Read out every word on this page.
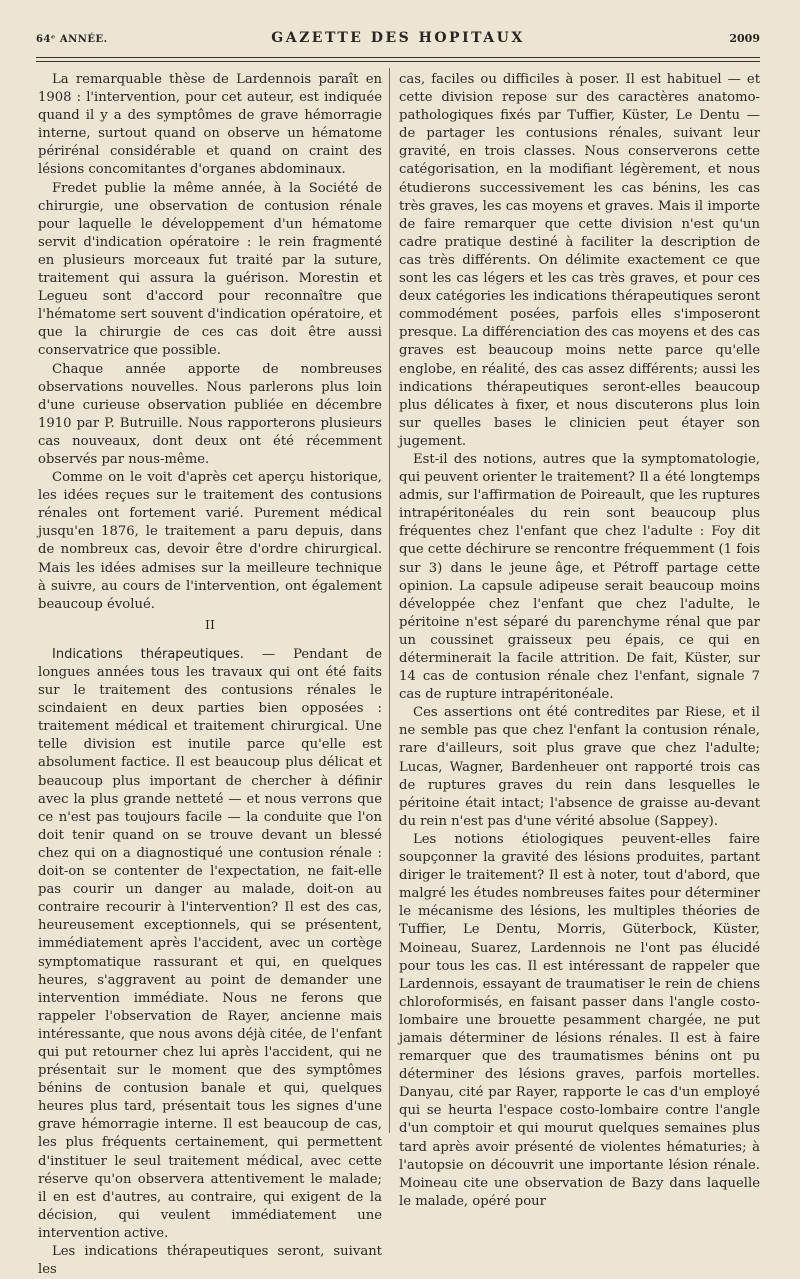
64ᵉ ANNÉE.	GAZETTE DES HOPITAUX	2009

La remarquable thèse de Lardennois paraît en 1908 : l'intervention, pour cet auteur, est indiquée quand il y a des symptômes de grave hémorragie interne, surtout quand on observe un hématome périrénal considérable et quand on craint des lésions concomitantes d'organes abdominaux.

Fredet publie la même année, à la Société de chirurgie, une observation de contusion rénale pour laquelle le développement d'un hématome servit d'indication opératoire : le rein fragmenté en plusieurs morceaux fut traité par la suture, traitement qui assura la guérison. Morestin et Legueu sont d'accord pour reconnaître que l'hématome sert souvent d'indication opératoire, et que la chirurgie de ces cas doit être aussi conservatrice que possible.

Chaque année apporte de nombreuses observations nouvelles. Nous parlerons plus loin d'une curieuse observation publiée en décembre 1910 par P. Butruille. Nous rapporterons plusieurs cas nouveaux, dont deux ont été récemment observés par nous-même.

Comme on le voit d'après cet aperçu historique, les idées reçues sur le traitement des contusions rénales ont fortement varié. Purement médical jusqu'en 1876, le traitement a paru depuis, dans de nombreux cas, devoir être d'ordre chirurgical. Mais les idées admises sur la meilleure technique à suivre, au cours de l'intervention, ont également beaucoup évolué.

II

Indications thérapeutiques. — Pendant de longues années tous les travaux qui ont été faits sur le traitement des contusions rénales le scindaient en deux parties bien opposées : traitement médical et traitement chirurgical. Une telle division est inutile parce qu'elle est absolument factice. Il est beaucoup plus délicat et beaucoup plus important de chercher à définir avec la plus grande netteté — et nous verrons que ce n'est pas toujours facile — la conduite que l'on doit tenir quand on se trouve devant un blessé chez qui on a diagnostiqué une contusion rénale : doit-on se contenter de l'expectation, ne fait-elle pas courir un danger au malade, doit-on au contraire recourir à l'intervention? Il est des cas, heureusement exceptionnels, qui se présentent, immédiatement après l'accident, avec un cortège symptomatique rassurant et qui, en quelques heures, s'aggravent au point de demander une intervention immédiate. Nous ne ferons que rappeler l'observation de Rayer, ancienne mais intéressante, que nous avons déjà citée, de l'enfant qui put retourner chez lui après l'accident, qui ne présentait sur le moment que des symptômes bénins de contusion banale et qui, quelques heures plus tard, présentait tous les signes d'une grave hémorragie interne. Il est beaucoup de cas, les plus fréquents certainement, qui permettent d'instituer le seul traitement médical, avec cette réserve qu'on observera attentivement le malade; il en est d'autres, au contraire, qui exigent de la décision, qui veulent immédiatement une intervention active.

Les indications thérapeutiques seront, suivant les

cas, faciles ou difficiles à poser. Il est habituel — et cette division repose sur des caractères anatomo-pathologiques fixés par Tuffier, Küster, Le Dentu — de partager les contusions rénales, suivant leur gravité, en trois classes. Nous conserverons cette catégorisation, en la modifiant légèrement, et nous étudierons successivement les cas bénins, les cas très graves, les cas moyens et graves. Mais il importe de faire remarquer que cette division n'est qu'un cadre pratique destiné à faciliter la description de cas très différents. On délimite exactement ce que sont les cas légers et les cas très graves, et pour ces deux catégories les indications thérapeutiques seront commodément posées, parfois elles s'imposeront presque. La différenciation des cas moyens et des cas graves est beaucoup moins nette parce qu'elle englobe, en réalité, des cas assez différents; aussi les indications thérapeutiques seront-elles beaucoup plus délicates à fixer, et nous discuterons plus loin sur quelles bases le clinicien peut étayer son jugement.

Est-il des notions, autres que la symptomatologie, qui peuvent orienter le traitement? Il a été longtemps admis, sur l'affirmation de Poireault, que les ruptures intrapéritonéales du rein sont beaucoup plus fréquentes chez l'enfant que chez l'adulte : Foy dit que cette déchirure se rencontre fréquemment (1 fois sur 3) dans le jeune âge, et Pétroff partage cette opinion. La capsule adipeuse serait beaucoup moins développée chez l'enfant que chez l'adulte, le péritoine n'est séparé du parenchyme rénal que par un coussinet graisseux peu épais, ce qui en déterminerait la facile attrition. De fait, Küster, sur 14 cas de contusion rénale chez l'enfant, signale 7 cas de rupture intrapéritonéale.

Ces assertions ont été contredites par Riese, et il ne semble pas que chez l'enfant la contusion rénale, rare d'ailleurs, soit plus grave que chez l'adulte; Lucas, Wagner, Bardenheuer ont rapporté trois cas de ruptures graves du rein dans lesquelles le péritoine était intact; l'absence de graisse au-devant du rein n'est pas d'une vérité absolue (Sappey).

Les notions étiologiques peuvent-elles faire soupçonner la gravité des lésions produites, partant diriger le traitement? Il est à noter, tout d'abord, que malgré les études nombreuses faites pour déterminer le mécanisme des lésions, les multiples théories de Tuffier, Le Dentu, Morris, Güterbock, Küster, Moineau, Suarez, Lardennois ne l'ont pas élucidé pour tous les cas. Il est intéressant de rappeler que Lardennois, essayant de traumatiser le rein de chiens chloroformisés, en faisant passer dans l'angle costo-lombaire une brouette pesamment chargée, ne put jamais déterminer de lésions rénales. Il est à faire remarquer que des traumatismes bénins ont pu déterminer des lésions graves, parfois mortelles. Danyau, cité par Rayer, rapporte le cas d'un employé qui se heurta l'espace costo-lombaire contre l'angle d'un comptoir et qui mourut quelques semaines plus tard après avoir présenté de violentes hématuries; à l'autopsie on découvrit une importante lésion rénale. Moineau cite une observation de Bazy dans laquelle le malade, opéré pour
